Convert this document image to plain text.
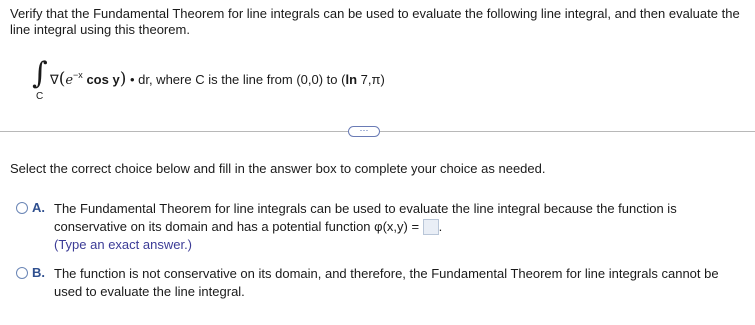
Verify that the Fundamental Theorem for line integrals can be used to evaluate the following line integral, and then evaluate the line integral using this theorem.
∫
C
$\nabla(e^{-x}$ cos y) • dr, where C is the line from (0,0) to (ln 7,π)
···
Select the correct choice below and fill in the answer box to complete your choice as needed.
A. The Fundamental Theorem for line integrals can be used to evaluate the line integral because the function is conservative on its domain and has a potential function φ(x,y) = .
(Type an exact answer.)
B. The function is not conservative on its domain, and therefore, the Fundamental Theorem for line integrals cannot be used to evaluate the line integral.
